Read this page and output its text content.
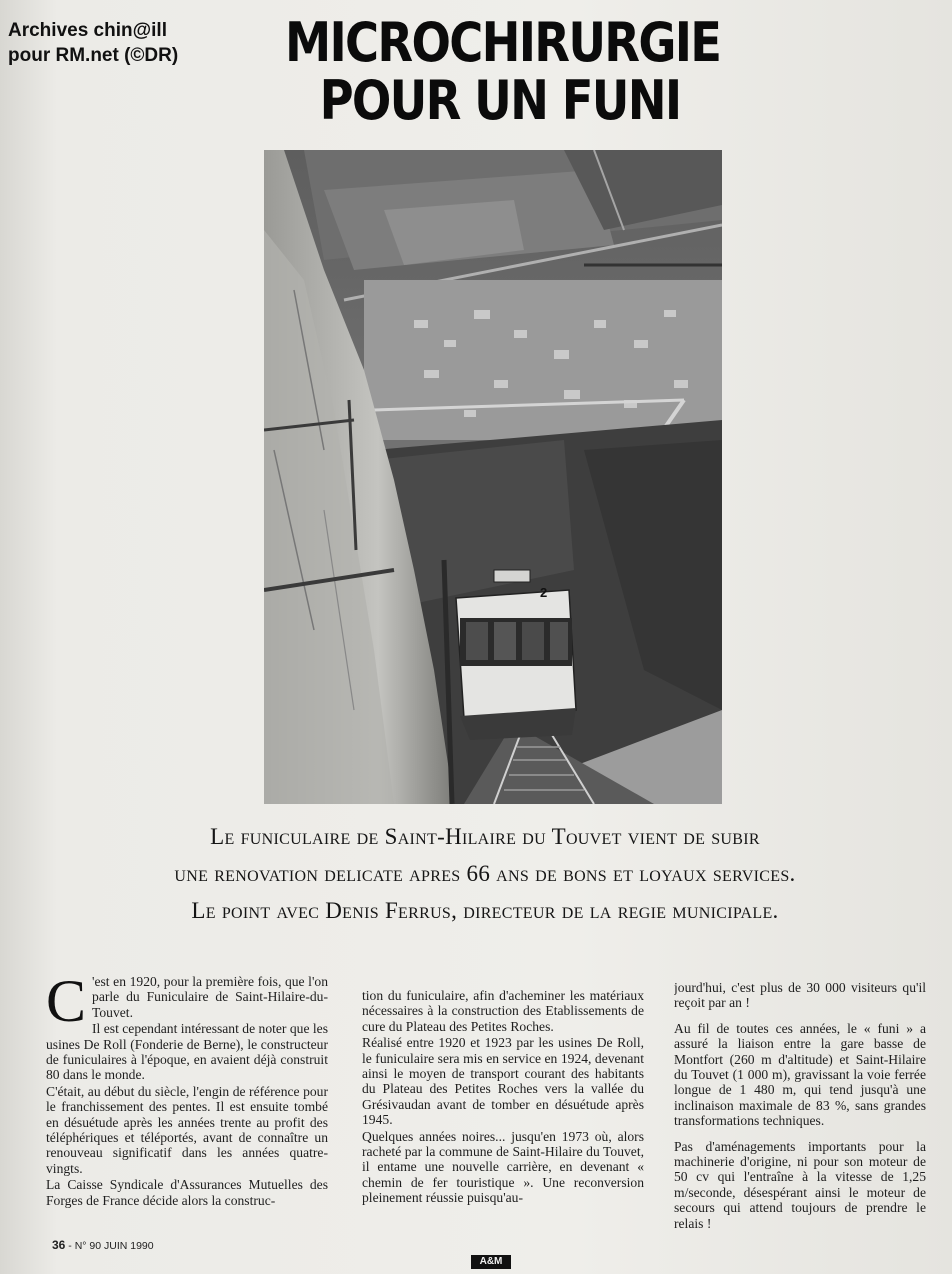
Archives chin@ill
pour RM.net (©DR) MICROCHIRURGIE
POUR UN FUNI
2
Le funiculaire de Saint-Hilaire du Touvet vient de subir
une renovation delicate apres 66 ans de bons et loyaux services.
Le point avec Denis Ferrus, directeur de la regie municipale.

C 'est en 1920, pour la première fois, que l'on parle du Funiculaire de Saint-Hilaire-du-Touvet.

Il est cependant intéressant de noter que les usines De Roll (Fonderie de Berne), le constructeur de funiculaires à l'époque, en avaient déjà construit 80 dans le monde.

C'était, au début du siècle, l'engin de référence pour le franchissement des pentes. Il est ensuite tombé en désuétude après les années trente au profit des téléphériques et téléportés, avant de connaître un renouveau significatif dans les années quatre-vingts.

La Caisse Syndicale d'Assurances Mutuelles des Forges de France décide alors la construc-

tion du funiculaire, afin d'acheminer les matériaux nécessaires à la construction des Etablissements de cure du Plateau des Petites Roches.

Réalisé entre 1920 et 1923 par les usines De Roll, le funiculaire sera mis en service en 1924, devenant ainsi le moyen de transport courant des habitants du Plateau des Petites Roches vers la vallée du Grésivaudan avant de tomber en désuétude après 1945.

Quelques années noires... jusqu'en 1973 où, alors racheté par la commune de Saint-Hilaire du Touvet, il entame une nouvelle carrière, en devenant « chemin de fer touristique ». Une reconversion pleinement réussie puisqu'au-

jourd'hui, c'est plus de 30 000 visiteurs qu'il reçoit par an !

Au fil de toutes ces années, le « funi » a assuré la liaison entre la gare basse de Montfort (260 m d'altitude) et Saint-Hilaire du Touvet (1 000 m), gravissant la voie ferrée longue de 1 480 m, qui tend jusqu'à une inclinaison maximale de 83 %, sans grandes transformations techniques.

Pas d'aménagements importants pour la machinerie d'origine, ni pour son moteur de 50 cv qui l'entraîne à la vitesse de 1,25 m/seconde, désespérant ainsi le moteur de secours qui attend toujours de prendre le relais !

36 - N° 90 JUIN 1990
A&M
